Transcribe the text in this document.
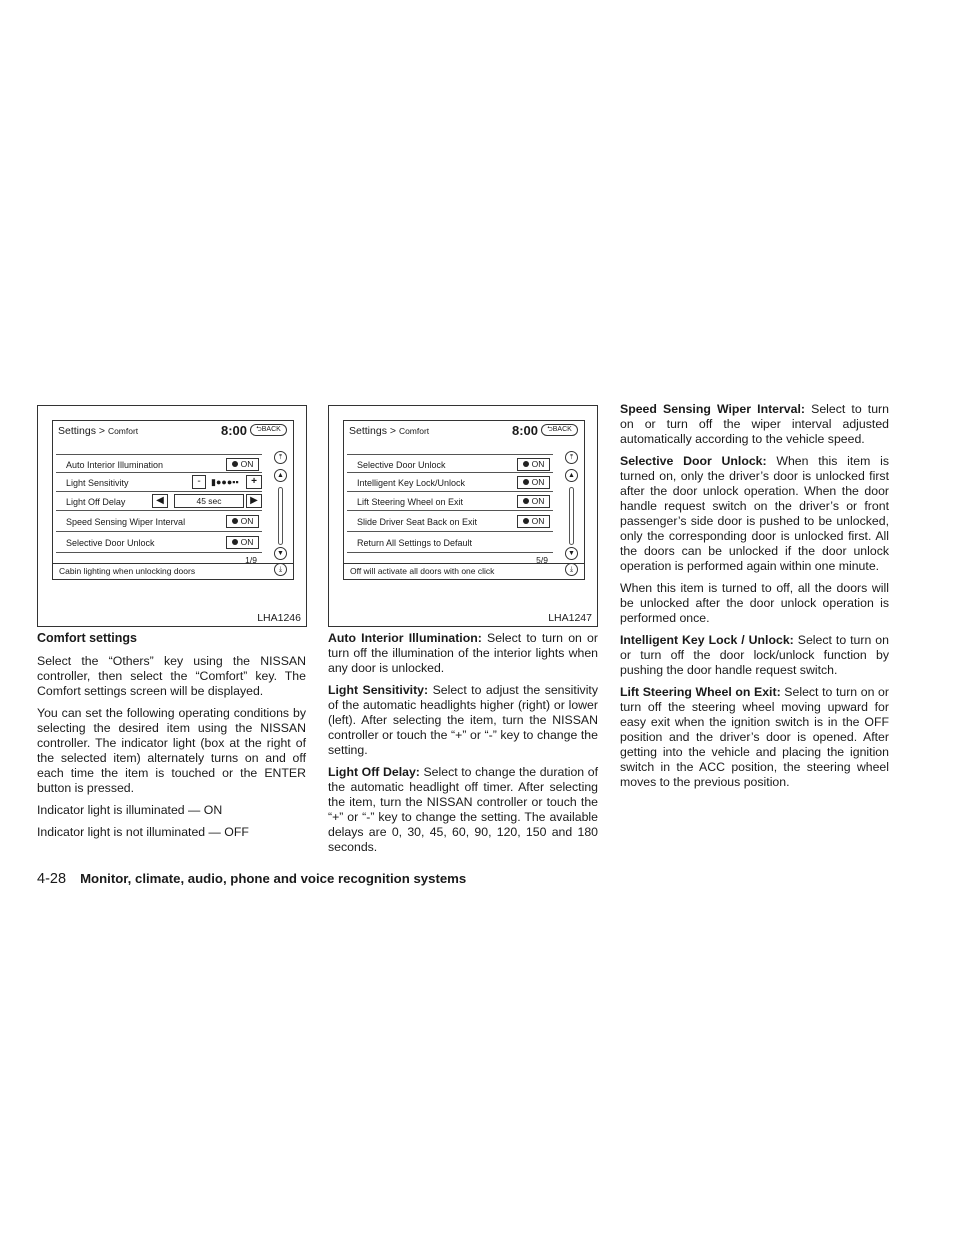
Settings > Comfort	8:00	⮌BACK
Auto Interior Illumination	ON
Light Sensitivity	-	▮●●●▪▪	+
Light Off Delay	◀	45 sec	▶
Speed Sensing Wiper Interval	ON
Selective Door Unlock	ON
⤒
▲
▼
⤓
1/9
Cabin lighting when unlocking doors
LHA1246
Settings > Comfort	8:00	⮌BACK
Selective Door Unlock	ON
Intelligent Key Lock/Unlock	ON
Lift Steering Wheel on Exit	ON
Slide Driver Seat Back on Exit	ON
Return All Settings to Default
⤒
▲
▼
⤓
5/9
Off will activate all doors with one click
LHA1247
Comfort settings

Select the “Others” key using the NISSAN controller, then select the “Comfort” key. The Comfort settings screen will be displayed.

You can set the following operating conditions by selecting the desired item using the NISSAN controller. The indicator light (box at the right of the selected item) alternately turns on and off each time the item is touched or the ENTER button is pressed.

Indicator light is illuminated — ON

Indicator light is not illuminated — OFF

Auto Interior Illumination: Select to turn on or turn off the illumination of the interior lights when any door is unlocked.

Light Sensitivity: Select to adjust the sensitivity of the automatic headlights higher (right) or lower (left). After selecting the item, turn the NISSAN controller or touch the “+” or “-” key to change the setting.

Light Off Delay: Select to change the duration of the automatic headlight off timer. After selecting the item, turn the NISSAN controller or touch the “+” or “-” key to change the setting. The available delays are 0, 30, 45, 60, 90, 120, 150 and 180 seconds.

Speed Sensing Wiper Interval: Select to turn on or turn off the wiper interval adjusted automatically according to the vehicle speed.

Selective Door Unlock: When this item is turned on, only the driver’s door is unlocked first after the door unlock operation. When the door handle request switch on the driver’s or front passenger’s side door is pushed to be unlocked, only the corresponding door is unlocked first. All the doors can be unlocked if the door unlock operation is performed again within one minute.

When this item is turned to off, all the doors will be unlocked after the door unlock operation is performed once.

Intelligent Key Lock / Unlock: Select to turn on or turn off the door lock/unlock function by pushing the door handle request switch.

Lift Steering Wheel on Exit: Select to turn on or turn off the steering wheel moving upward for easy exit when the ignition switch is in the OFF position and the driver’s door is opened. After getting into the vehicle and placing the ignition switch in the ACC position, the steering wheel moves to the previous position.

4-28 Monitor, climate, audio, phone and voice recognition systems
